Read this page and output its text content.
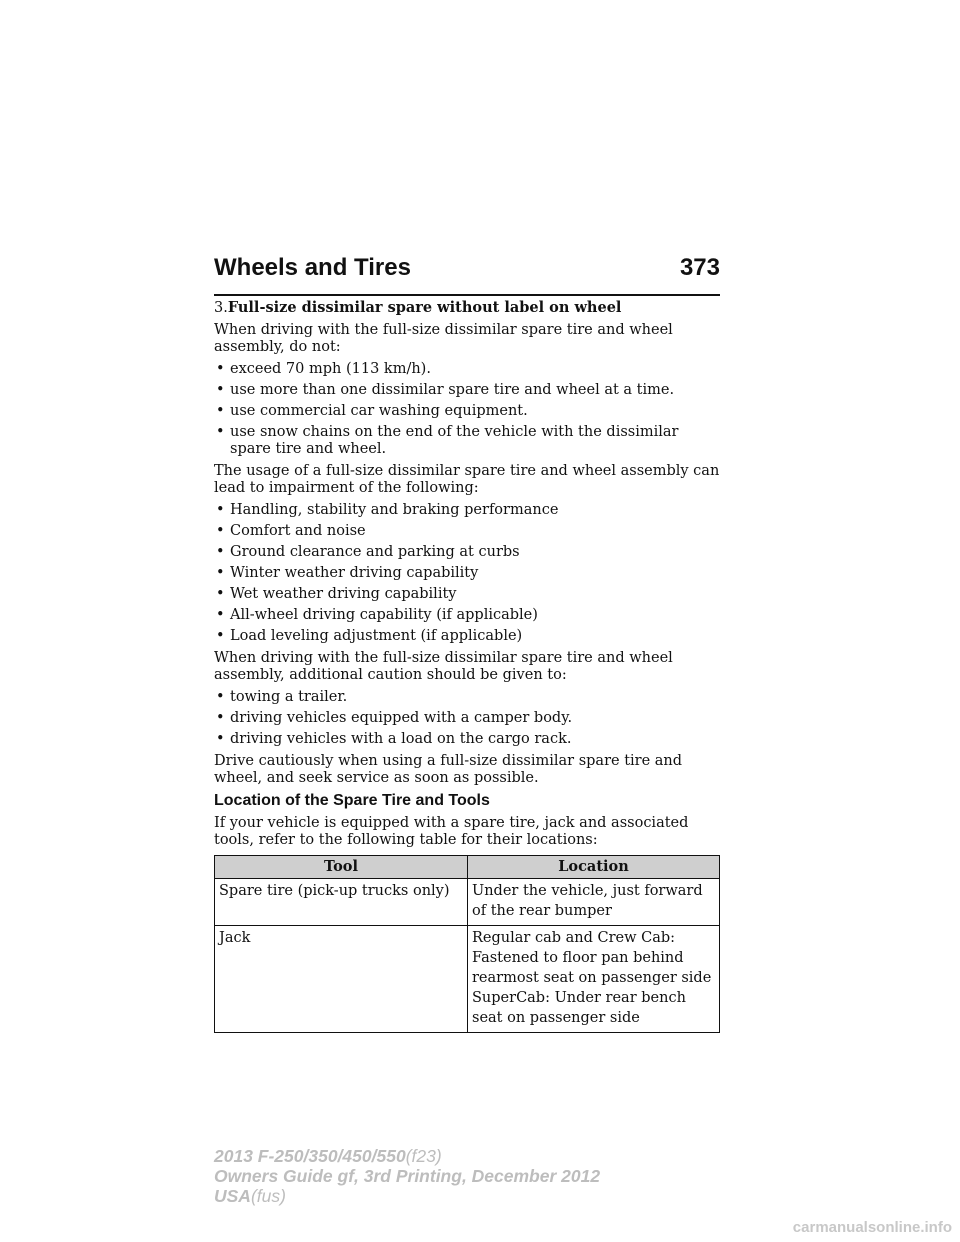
Wheels and Tires	373

3.Full-size dissimilar spare without label on wheel

When driving with the full-size dissimilar spare tire and wheel assembly, do not:

• exceed 70 mph (113 km/h).
• use more than one dissimilar spare tire and wheel at a time.
• use commercial car washing equipment.
• use snow chains on the end of the vehicle with the dissimilar spare tire and wheel.

The usage of a full-size dissimilar spare tire and wheel assembly can lead to impairment of the following:

• Handling, stability and braking performance
• Comfort and noise
• Ground clearance and parking at curbs
• Winter weather driving capability
• Wet weather driving capability
• All-wheel driving capability (if applicable)
• Load leveling adjustment (if applicable)

When driving with the full-size dissimilar spare tire and wheel assembly, additional caution should be given to:

• towing a trailer.
• driving vehicles equipped with a camper body.
• driving vehicles with a load on the cargo rack.

Drive cautiously when using a full-size dissimilar spare tire and wheel, and seek service as soon as possible.

Location of the Spare Tire and Tools

If your vehicle is equipped with a spare tire, jack and associated tools, refer to the following table for their locations:

Tool	Location
Spare tire (pick-up trucks only)	Under the vehicle, just forward of the rear bumper

Jack	Regular cab and Crew Cab: Fastened to floor pan behind rearmost seat on passenger side
SuperCab: Under rear bench seat on passenger side
2013 F-250/350/450/550(f23)
Owners Guide gf, 3rd Printing, December 2012
USA(fus)
carmanualsonline.info
